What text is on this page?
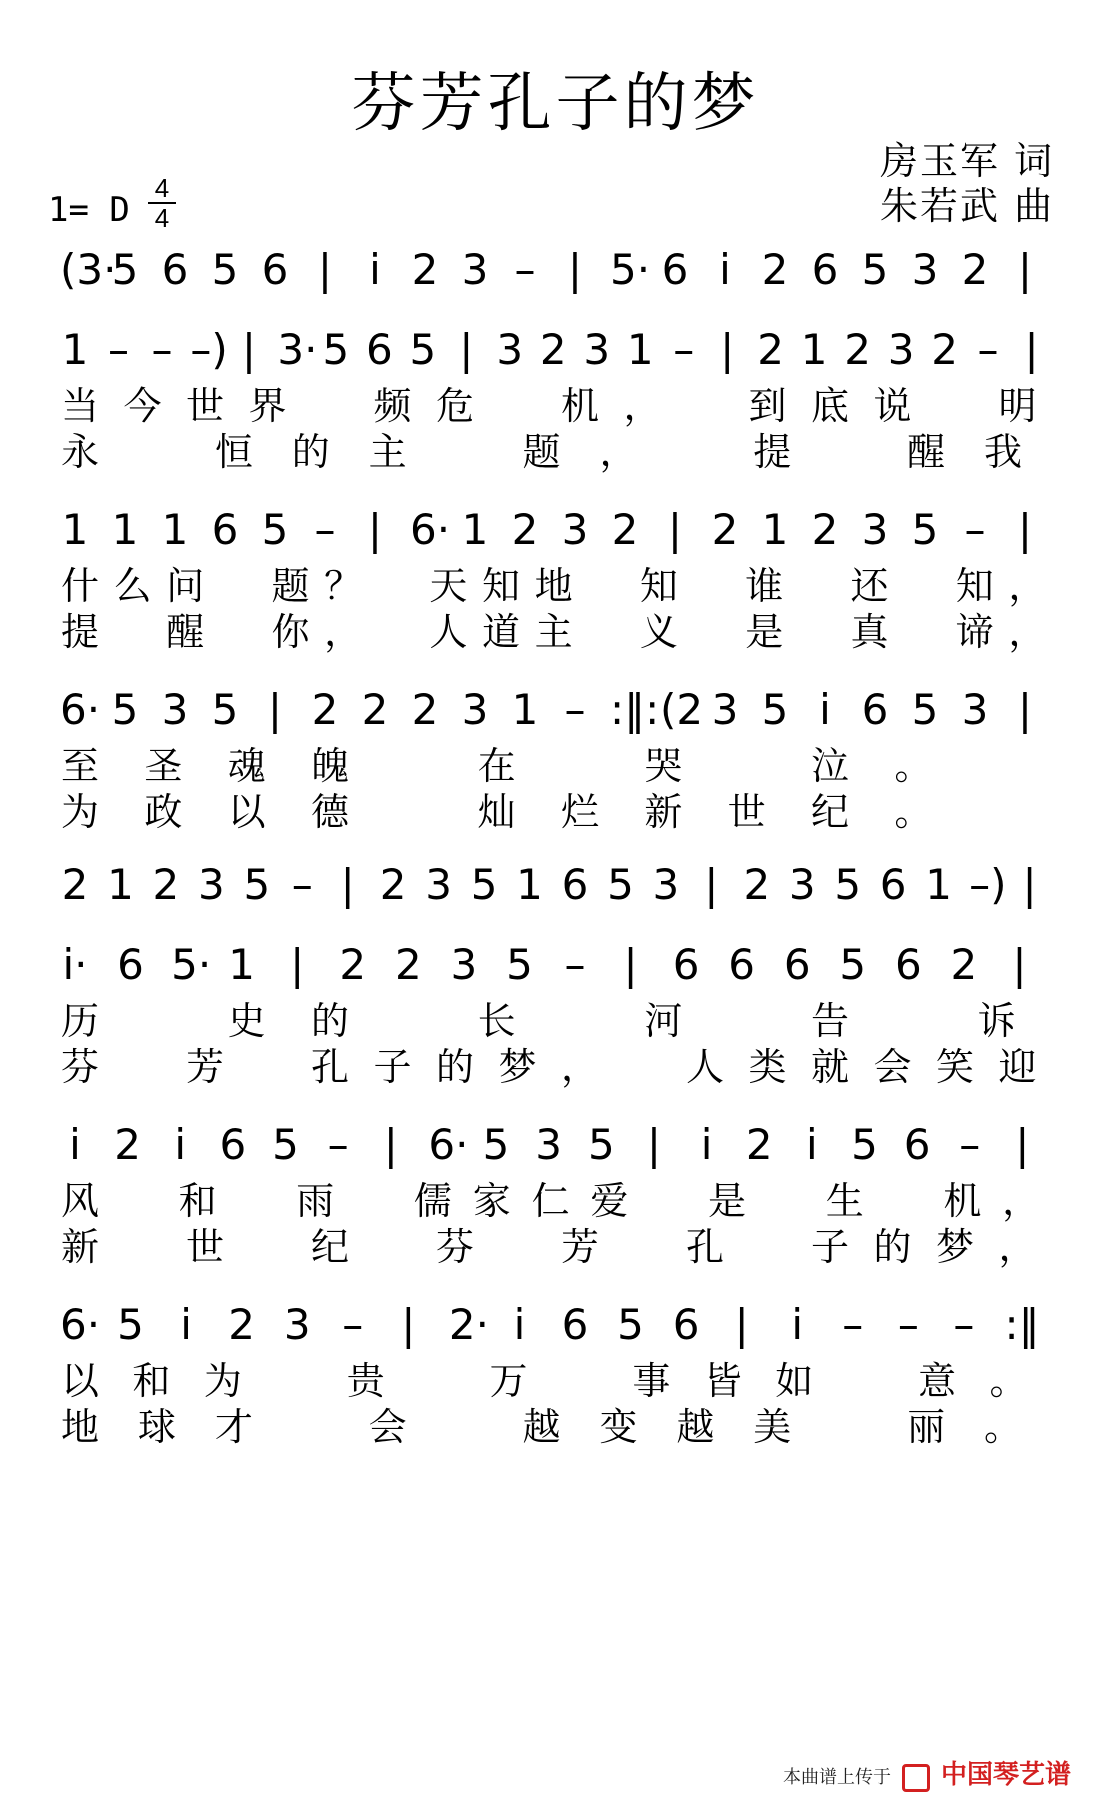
芬芳孔子的梦
1= D
4
4
房玉军 词
朱若武 曲
(3·
5 6 5 6 | i 2 3 – | 5· 6 i 2 6 5 3 2 |
1 – – –) | 3· 5 6 5 | 3 2 3 1 – | 2 1 2 3 2 – |
当 今 世 界 频 危 机 ， 到 底 说 明
永	恒 的 主	题 ，	提	醒 我
1 1 1 6 5 – | 6· 1 2 3 2 | 2 1 2 3 5 – |
什 么 问 题 ？ 天 知 地 知 谁 还 知 ，
提 醒 你 ， 人 道 主 义 是 真 谛 ，
6· 5 3 5 | 2 2 2 3 1 – :‖: (2 3 5 i 6 5 3 |
至 圣 魂 魄	在	哭	泣 。
为 政 以 德	灿 烂 新 世 纪 。
2 1 2 3 5 – | 2 3 5 1 6 5 3 | 2 3 5 6 1 –) |
i· 6 5· 1 | 2 2 3 5 – | 6 6 6 5 6 2 |
历	史 的	长	河	告	诉
芬 芳 孔 子 的 梦 ， 人 类 就 会 笑 迎
i 2 i 6 5 – | 6· 5 3 5 | i 2 i 5 6 – |
风 和 雨 儒 家 仁 爱 是 生 机 ，
新 世 纪 芬 芳 孔 子 的 梦 ，
6· 5 i 2 3 – | 2· i 6 5 6 | i – – – :‖
以 和 为	贵	万	事 皆 如	意 。
地 球 才	会	越 变 越 美	丽 。
本曲谱上传于 中国琴艺谱
